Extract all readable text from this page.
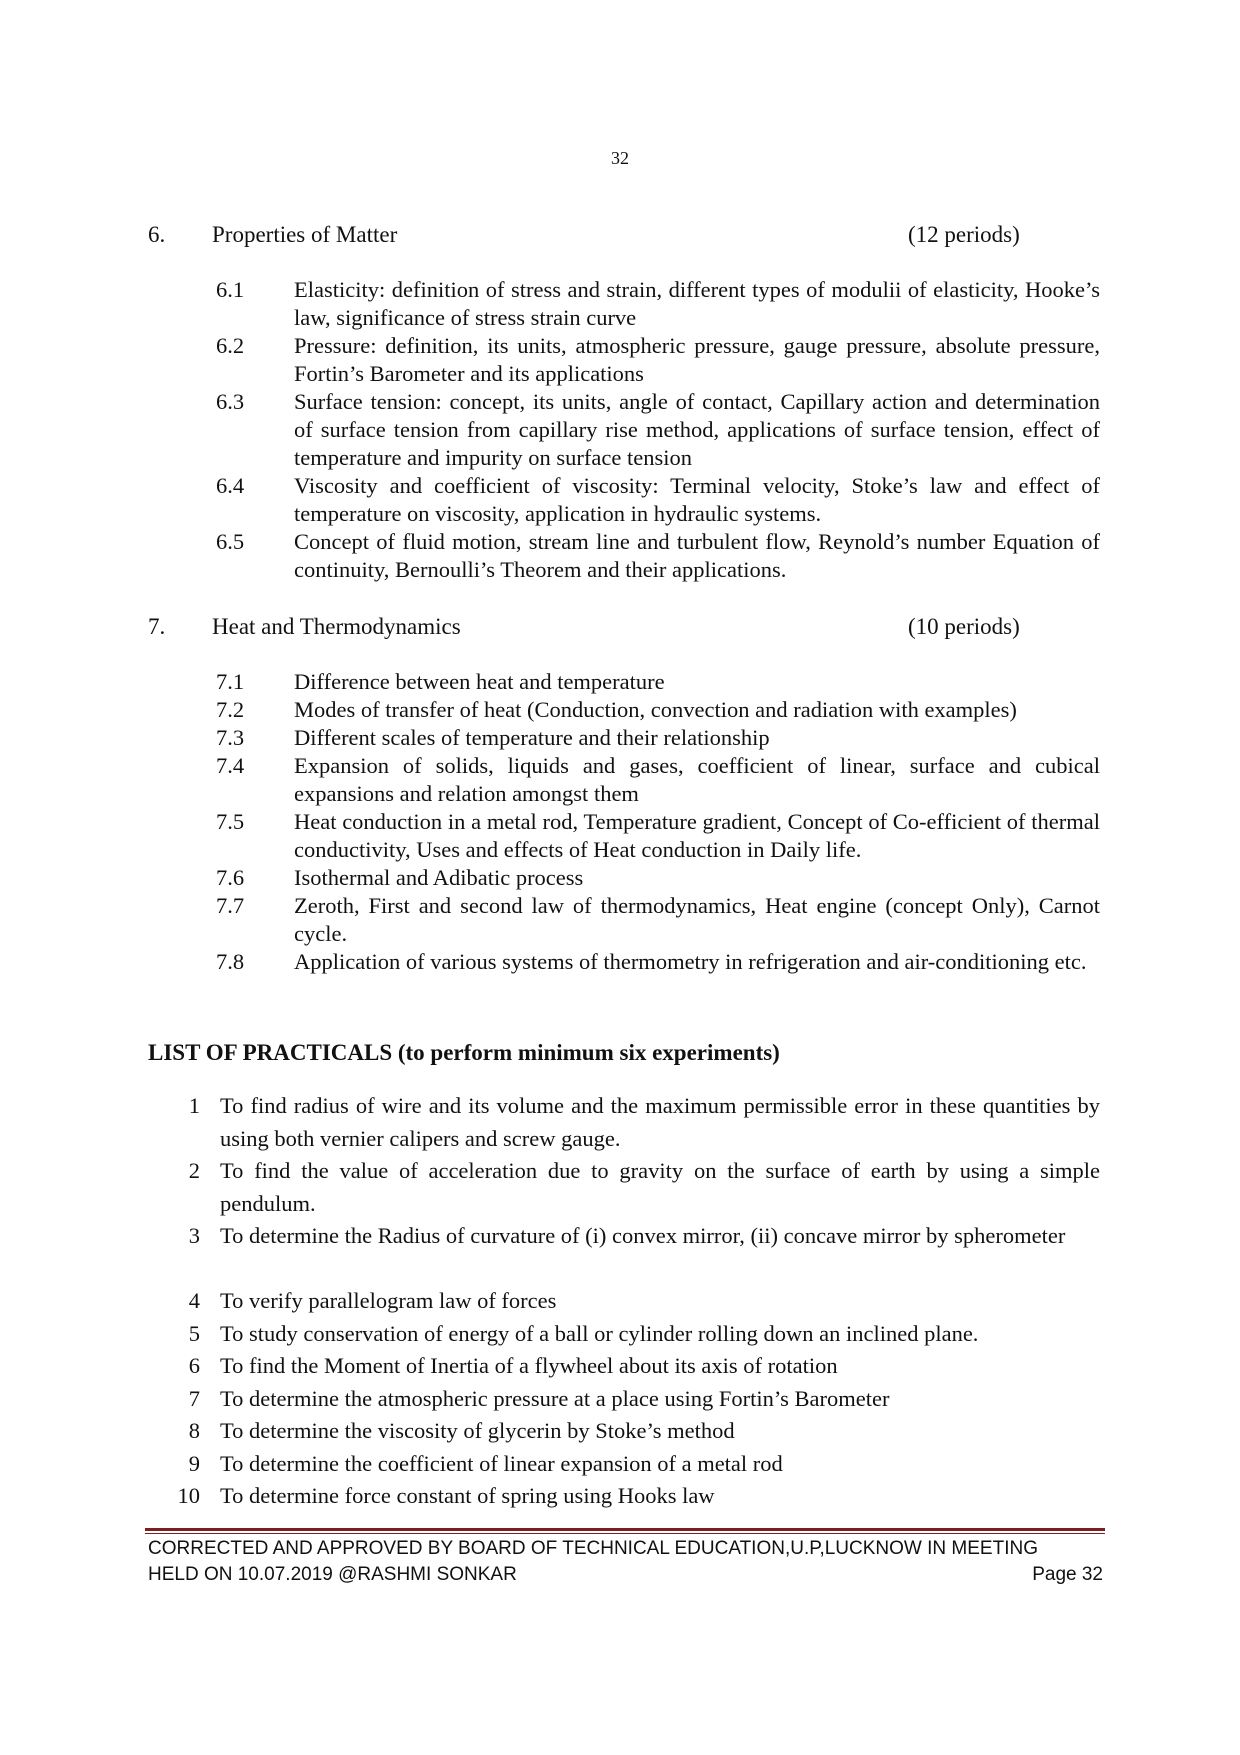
32
6. Properties of Matter	(12 periods)
6.1	Elasticity: definition of stress and strain, different types of modulii of elasticity, Hooke’s law, significance of stress strain curve
6.2	Pressure: definition, its units, atmospheric pressure, gauge pressure, absolute pressure, Fortin’s Barometer and its applications
6.3	Surface tension: concept, its units, angle of contact, Capillary action and determination of surface tension from capillary rise method, applications of surface tension, effect of temperature and impurity on surface tension
6.4	Viscosity and coefficient of viscosity: Terminal velocity, Stoke’s law and effect of temperature on viscosity, application in hydraulic systems.
6.5	Concept of fluid motion, stream line and turbulent flow, Reynold’s number Equation of continuity, Bernoulli’s Theorem and their applications.
7. Heat and Thermodynamics	(10 periods)
7.1	Difference between heat and temperature
7.2	Modes of transfer of heat (Conduction, convection and radiation with examples)
7.3	Different scales of temperature and their relationship
7.4	Expansion of solids, liquids and gases, coefficient of linear, surface and cubical expansions and relation amongst them
7.5	Heat conduction in a metal rod, Temperature gradient, Concept of Co-efficient of thermal conductivity, Uses and effects of Heat conduction in Daily life.
7.6	Isothermal and Adibatic process
7.7	Zeroth, First and second law of thermodynamics, Heat engine (concept Only), Carnot cycle.
7.8	Application of various systems of thermometry in refrigeration and air-conditioning etc.
LIST OF PRACTICALS (to perform minimum six experiments)
1 To find radius of wire and its volume and the maximum permissible error in these quantities by using both vernier calipers and screw gauge.
2 To find the value of acceleration due to gravity on the surface of earth by using a simple pendulum.
3 To determine the Radius of curvature of (i) convex mirror, (ii) concave mirror by spherometer
4 To verify parallelogram law of forces
5 To study conservation of energy of a ball or cylinder rolling down an inclined plane.
6 To find the Moment of Inertia of a flywheel about its axis of rotation
7 To determine the atmospheric pressure at a place using Fortin’s Barometer
8 To determine the viscosity of glycerin by Stoke’s method
9 To determine the coefficient of linear expansion of a metal rod
10 To determine force constant of spring using Hooks law
CORRECTED AND APPROVED BY BOARD OF TECHNICAL EDUCATION,U.P,LUCKNOW IN MEETING
HELD ON 10.07.2019 @RASHMI SONKAR	Page 32
